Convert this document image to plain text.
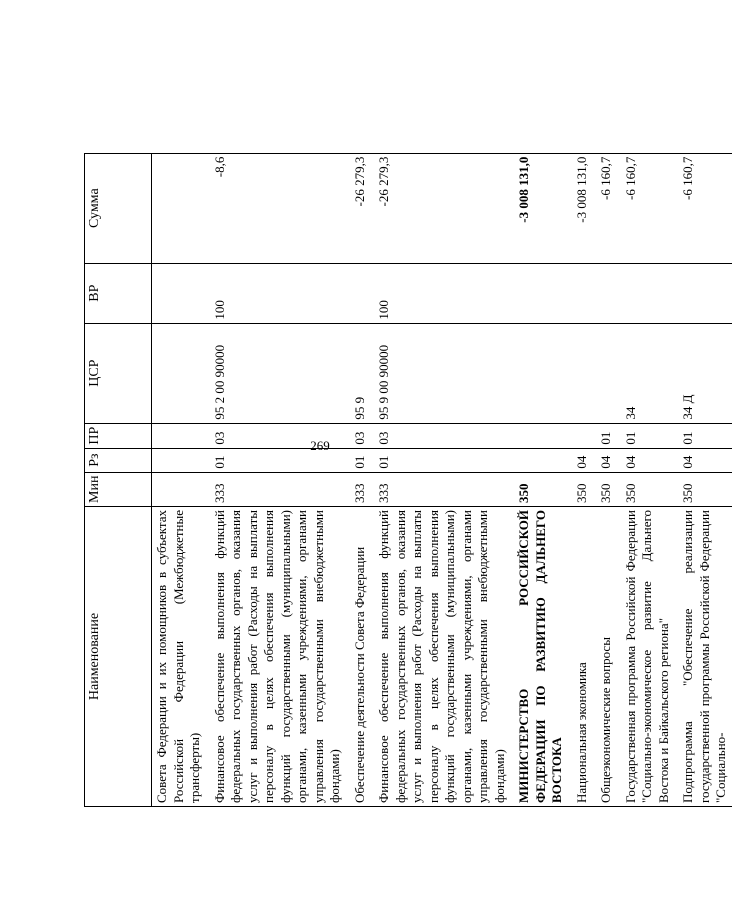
269
Наименование	Мин	Рз	ПР	ЦСР	ВР	Сумма
Совета Федерации и их помощников в субъектах Российской Федерации (Межбюджетные трансферты)						
Финансовое обеспечение выполнения функций федеральных государственных органов, оказания услуг и выполнения работ (Расходы на выплаты персоналу в целях обеспечения выполнения функций государственными (муниципальными) органами, казенными учреждениями, органами управления государственными внебюджетными фондами)	333	01	03	95 2 00 90000	100	-8,6
Обеспечение деятельности Совета Федерации	333	01	03	95 9		-26 279,3
Финансовое обеспечение выполнения функций федеральных государственных органов, оказания услуг и выполнения работ (Расходы на выплаты персоналу в целях обеспечения выполнения функций государственными (муниципальными) органами, казенными учреждениями, органами управления государственными внебюджетными фондами)	333	01	03	95 9 00 90000	100	-26 279,3
МИНИСТЕРСТВО РОССИЙСКОЙ ФЕДЕРАЦИИ ПО РАЗВИТИЮ ДАЛЬНЕГО ВОСТОКА	350					-3 008 131,0
Национальная экономика	350	04				-3 008 131,0
Общеэкономические вопросы	350	04	01			-6 160,7
Государственная программа Российской Федерации "Социально-экономическое развитие Дальнего Востока и Байкальского региона"	350	04	01	34		-6 160,7
Подпрограмма "Обеспечение реализации государственной программы Российской Федерации "Социально-	350	04	01	34 Д		-6 160,7
